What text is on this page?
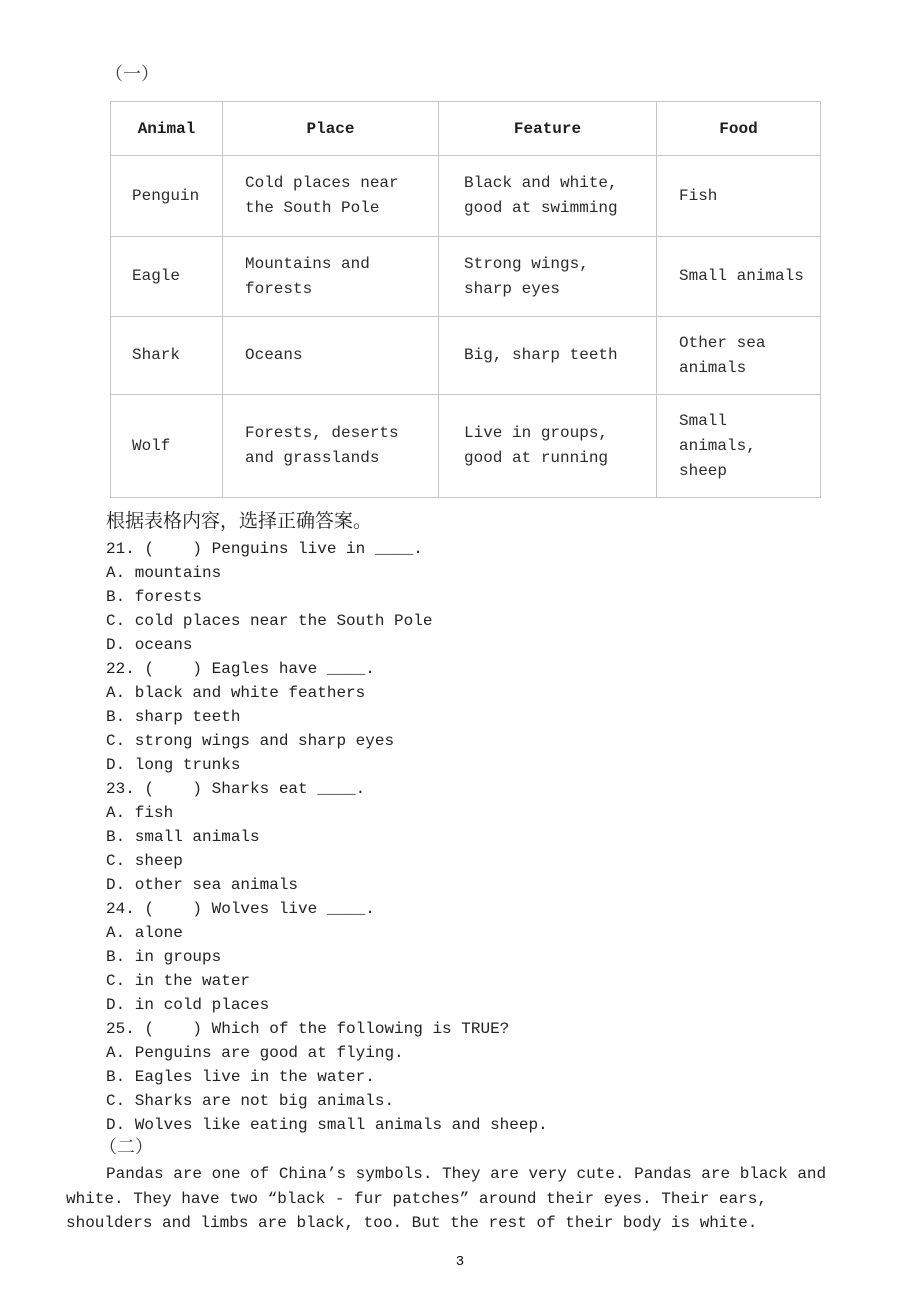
（一）
Animal	Place	Feature	Food
Penguin	Cold places near the South Pole	Black and white, good at swimming	Fish
Eagle	Mountains and forests	Strong wings, sharp eyes	Small animals
Shark	Oceans	Big, sharp teeth	Other sea animals
Wolf	Forests, deserts and grasslands	Live in groups, good at running	Small animals, sheep
根据表格内容，选择正确答案。
21. (    ) Penguins live in ____.
A. mountains
B. forests
C. cold places near the South Pole
D. oceans
22. (    ) Eagles have ____.
A. black and white feathers
B. sharp teeth
C. strong wings and sharp eyes
D. long trunks
23. (    ) Sharks eat ____.
A. fish
B. small animals
C. sheep
D. other sea animals
24. (    ) Wolves live ____.
A. alone
B. in groups
C. in the water
D. in cold places
25. (    ) Which of the following is TRUE?
A. Penguins are good at flying.
B. Eagles live in the water.
C. Sharks are not big animals.
D. Wolves like eating small animals and sheep.
（二）

Pandas are one of China’s symbols. They are very cute. Pandas are black and white. They have two “black - fur patches” around their eyes. Their ears, shoulders and limbs are black, too. But the rest of their body is white.

3
